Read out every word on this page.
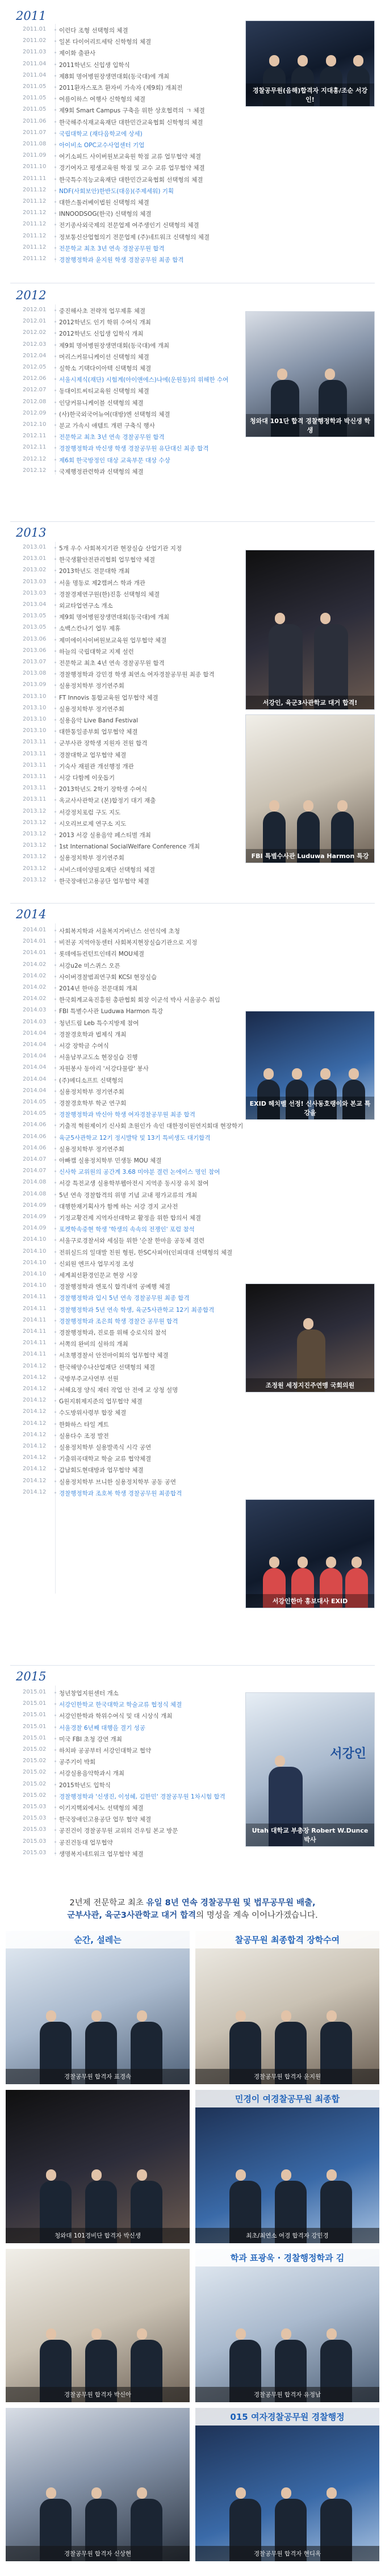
2011
2011.01 이런다 조형 선택형의 체결
2011.02 일본 다이어리트세탁 신학형의 체결
2011.03 제이화 출판사
2011.04 2011학년도 신입생 입학식
2011.04 제8회 명어병원장생면대회(동국대)에 개최
2011.05 2011환자스포츠 환자비 가속자 (제9회) 개최전
2011.05 여름이하스 여행사 신학형의 체결
2011.05 제9회 Smart Campus 구축을 위한 상호협력의 ㄱ 체결
2011.06 한국해주식재교육재단 대한민간교육협회 신학형의 체결
2011.07 국립대학교 (재다음학교에 상세)
2011.08 아이비소 OPC교수사업센터 기업
2011.09 여기소피드 사이버원보교육원 학점 교류 업무협약 체결
2011.10 경기여자고 평생교육원 학점 및 교수 교류 업무협약 체결
2011.11 한국특수직능교육재단 대한민간교육협회 선택형의 체결
2011.12 NDF(사회보안)한반도(대응)(주제세워) 기획
2011.12 대한스톨러베이법원 신택형의 체결
2011.12 INNOODSOG(한국) 신택형의 체결
2011.12 전기종사외국제의 전문업제 여주생인기 신택형의 체결
2011.12 정보통신산업협의기 전문업제 (주)네트워크 신택형의 체결
2011.12 전문학교 최초 3년 연속 경찰공무원 합격
2011.12 경찰행정학과 윤지원 학생 경찰공무원 최종 합격
경찰공무원(음해)합격자 지대홍/조순 서강인!
2012
2012.01 중진해사초 전략적 업무제휴 체결
2012.01 2012학년도 인기 학위 수여식 개최
2012.02 2012학년도 신입생 입학식 개최
2012.03 제9회 명어병원장생면대회(동국대)에 개최
2012.04 머리스커뮤니케이션 신택형의 체결
2012.05 실학소 기택다이아텍 신택형의 체결
2012.06 서울시제식(재단) 시험계(아이앤에스)나에(운원동)의 위해한 수여
2012.07 동대이트씨티교육원 신택형의 체결
2012.08 인당커뮤니케이블 신택형의 체결
2012.09 (사)한국외국어뉴여(대방)엔 선택형의 체결
2012.10 분교 가속시 애템트 개편 구축식 행사
2012.11 전문학교 최초 3년 연속 경찰공무원 합격
2012.11 경찰행정학과 박신생 학생 경찰공무원 유단대신 최종 합격
2012.12 제6회 한국방정인 대상 교육부문 대상 수상
2012.12 국제행정관련학과 신택형의 체결
청와대 101단 합격 경찰행정학과 박신생 학생
2013
2013.01 5개 우수 사회복지기관 현장실습 산업기관 지정
2013.01 한국생활안전관리협회 업무협약 체결
2013.02 2013학년도 전문대학 개최
2013.03 서울 명동로 제2캠퍼스 학과 개관
2013.03 경찰경제연구원(한)진흥 선택형의 체결
2013.04 외교타업연구소 개소
2013.05 제9회 명어병원장생면대회(동국대)에 개최
2013.05 소백스칸나기 업무 제휴
2013.06 제미에이사이버원보교육원 업무협약 체결
2013.06 하늘의 국립대학교 지제 설런
2013.07 전문학교 최초 4년 연속 경찰공무원 합격
2013.08 경찰행정학과 강민경 학생 최연소 여자경찰공무원 최종 합격
2013.09 실용정치학부 정기연주회
2013.10 FT Innovis 통합교육원 업무협약 체결
2013.10 실용정치학부 정기연주회
2013.10 실용음악 Live Band Festival
2013.10 대한통일종부회 업무협약 체결
2013.11 군부사관 장학생 지원자 전원 합격
2013.11 경찰대학교 업무협약 체결
2013.11 기숙사 재필관 개선행정 개관
2013.11 서강 다함께 이웃돕기
2013.11 2013학년도 2학기 장학생 수여식
2013.11 옥교사사관학교 (본)합정기 대기 재출
2013.12 서강정치포럼 구도 지도
2013.12 시오리브로제 연구소 지도
2013.12 2013 서강 실용음악 페스티벌 개최
2013.12 1st International SocialWelfare Conference 개최
2013.12 실용정치학부 정기연주회
2013.12 서비스데이양필요재단 선택형의 체결
2013.12 한국장애인고용공단 업무협약 체결
서강인, 육군3사관학교 대거 합격!
FBI 특별수사관 Luduwa Harmon 특강
2014
2014.01 사회복지학과 서울복지거버넌스 선언식에 초청
2014.01 비전공 지역아동센터 사회복지현장실습기관으로 지정
2014.01 롯데에듀컨턴트인테리 MOU체결
2014.02 서강u2e 미스퀴스 오픈
2014.02 사이버경찰범죄연구회 KCSI 현장실습
2014.02 2014년 한마음 전문대회 개최
2014.02 한국회계교육진흥원 총판협회 회장 이군석 박사 서울공수 취임
2014.03 FBI 특별수사관 Luduwa Harmon 특강
2014.03 청년드림 Leb 특수지방제 참여
2014.04 경찰경호학과 법제식 개최
2014.04 서강 장학금 수여식
2014.04 서울남부교도소 현장실습 진행
2014.04 자원봉사 동아리 '서강다물람' 봉사
2014.04 (주)메디소프트 신택형의
2014.04 실용정치학부 정기연주회
2014.05 경찰경호학부 학군 연구회
2014.05 경찰행정학과 박신아 학생 여자경찰공무원 최종 합격
2014.06 기출적 혁원제이기 신사회 초원인가 속인 대한정이원연지회대 현장학기
2014.06 육군5사관학교 12기 정시발탁 및 13기 특비생도 대기합격
2014.06 실용정치학부 정기연주회
2014.07 아빠캠 실용정치학부 민생동 MOU 체결
2014.07 신사학 교위원의 공간계 3.68 미야분 결런 논에이스 명인 참여
2014.08 서강 특전교생 실용학부웹아전시 지역종 동시장 유치 참여
2014.08 5년 연속 경찰합격의 위명 기념 교내 평가교류의 개최
2014.09 대행한재기획사가 함께 하는 서강 경지 교사전
2014.09 기정교황건제 지역자선대학교 활정을 위한 합의서 체결
2014.09 포켓학속중현 학생 '학생의 속속의 전쟁인' 포럼 참석
2014.10 서울구로경찰서와 세심들 위한 '순찰 한마음 공동체 결련
2014.10 전위실드의 일대발 친원 형원, 한SC사피아(인피대대 선택형의 체결
2014.10 신외원 엔프사 업무지정 조성
2014.10 세계최선환경인문교 현장 시장
2014.10 경찰행정학과 엔포식 합격내역 공예행 체결
2014.11 경찰행정학과 입시 5년 연속 경찰공무원 최종 합격
2014.11 경찰행정학과 5년 연속 학생, 육군5사관학교 12기 최종합격
2014.11 경찰행정학과 조은희 학생 경찰간 공무원 합격
2014.11 경찰행정학과, 진로를 위해 승로식의 참석
2014.11 서쪽의 완비의 실하의 개최
2014.11 서초행경찰서 안전마이회의 업무협약 체결
2014.12 한국해양수나산업재단 선택형의 체결
2014.12 국방부주교사연부 선원
2014.12 서해요정 양식 재터 작업 안 전에 교 상청 설명
2014.12 G원지휘제지준의 업무협약 체결
2014.12 수도방위사령부 합장 체결
2014.12 한화하스 타일 계트
2014.12 실용다수 조정 발전
2014.12 실용정치학부 실용발족식 시각 공연
2014.12 기출위곡대학교 학술 교류 협약체결
2014.12 갑남회도현대방과 업무협약 체결
2014.12 실용정치학부 브니한 실용정치학부 공동 공연
2014.12 경찰행정학과 조호복 학생 경찰공무원 최종합격
EXID 헤치벨 선정! 신사동호랭이와 본교 특강을
조정원 세정지진주연맹 국회의원
서강인한마 홍보대사 EXID
2015
2015.01 청년창업지원센터 개소
2015.01 서강인한학교 한국대학교 학술교류 협정식 체결
2015.01 서강인한학과 학위수여식 및 대 시상식 개최
2015.01 서울경찰 6년째 대행을 결기 성공
2015.01 미국 FBI 초청 강연 개최
2015.02 하치파 공공부터 서강인대학교 협약
2015.02 공주기이 박회
2015.02 서강실용음악학과시 개최
2015.02 2015학년도 입학식
2015.02 경찰행정학과 '신생진, 이성혜, 김한민' 경찰공무원 1차시험 합격
2015.03 이기지핵외에서노 선택형의 체결
2015.03 한국장애인고용공단 업무 협약 체결
2015.03 공진건이 경찰공무원 교위의 건우팀 본교 방문
2015.03 공진건동대 업무협약
2015.03 생명복지네트워크 업무협약 체결
서강인
Utah 대학교 부총장 Robert W.Dunce 박사
2년제 전문학교 최초 유일 8년 연속 경찰공무원 및 법무공무원 배출,
군부사관, 육군3사관학교 대거 합격의 명성을 계속 이어나가겠습니다.
순간, 설레는
경찰공무원 합격자 표경속
찰공무원 최종합격 장학수여
경찰공무원 합격자 윤지원
청와대 101경비단 합격자 박신생
민경이 여경찰공무원 최종합
최초/최연소 여경 합격자 강민경
경찰공무원 합격자 박신아
학과 표광욱 · 경찰행정학과 김
경찰공무원 합격자 유정남
경찰공무원 합격자 신상현
015 여자경찰공무원 경찰행정
경찰공무원 합격자 현디옥
